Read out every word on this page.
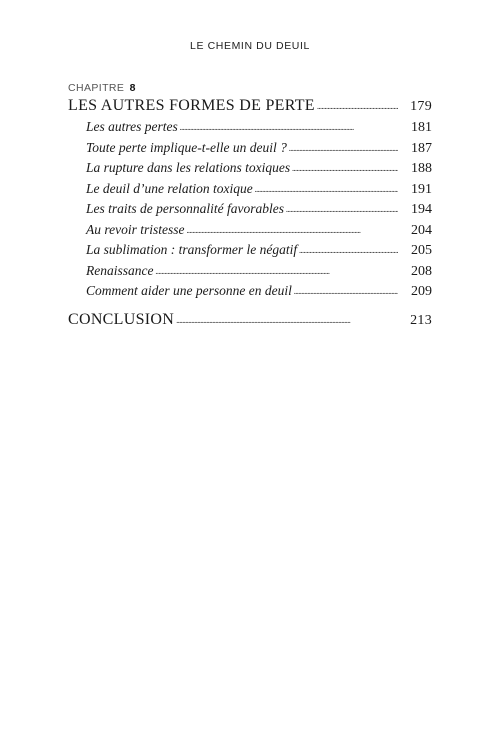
LE CHEMIN DU DEUIL
CHAPITRE 8
LES AUTRES FORMES DE PERTE . . .	179
Les autres pertes . . .	181
Toute perte implique-t-elle un deuil ? . . .	187
La rupture dans les relations toxiques . . .	188
Le deuil d’une relation toxique . . .	191
Les traits de personnalité favorables . . .	194
Au revoir tristesse . . .	204
La sublimation : transformer le négatif . . .	205
Renaissance . . .	208
Comment aider une personne en deuil . . .	209
CONCLUSION . . .	213
